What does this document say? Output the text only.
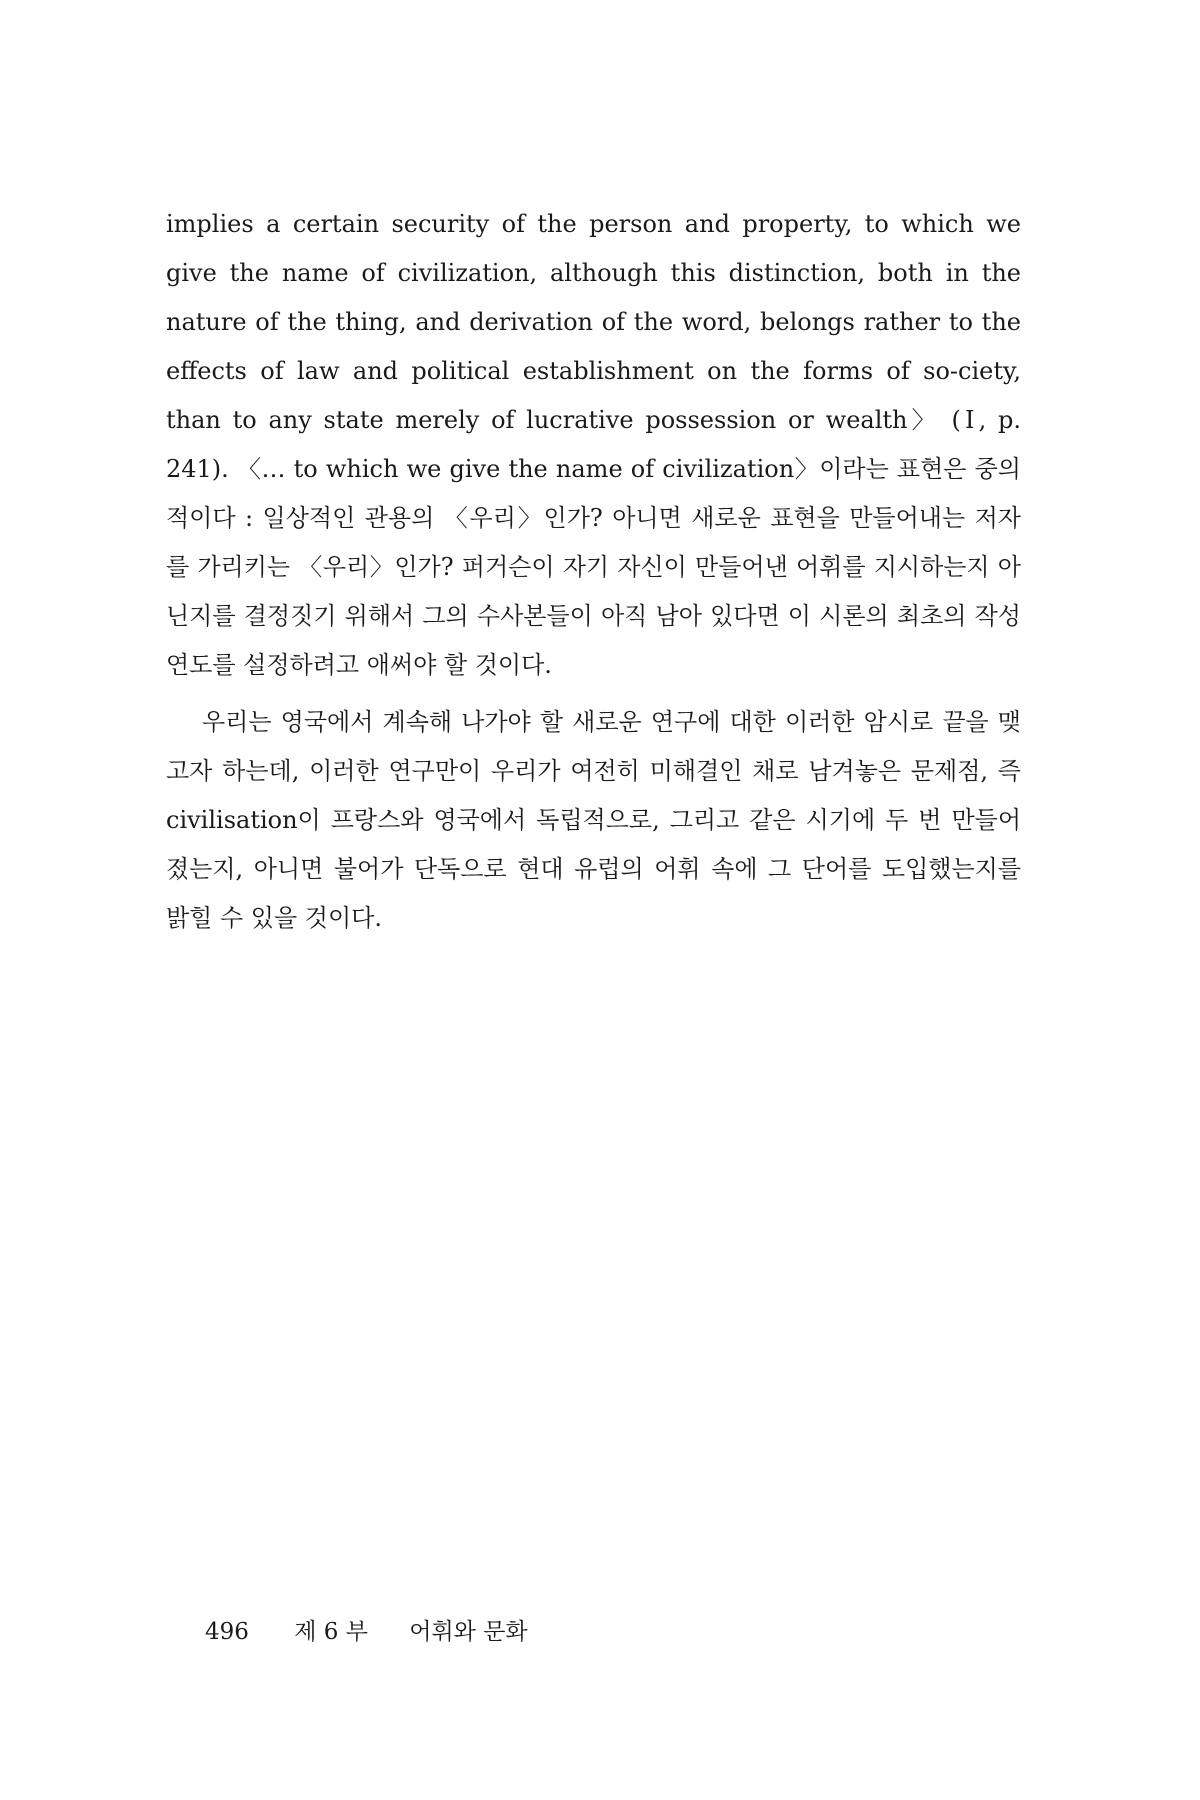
implies a certain security of the person and property, to which we give the name of civilization, although this distinction, both in the nature of the thing, and derivation of the word, belongs rather to the effects of law and political establishment on the forms of so-ciety, than to any state merely of lucrative possession or wealth〉 (Ⅰ, p. 241). 〈… to which we give the name of civilization〉이라는 표현은 중의적이다 : 일상적인 관용의 〈우리〉인가? 아니면 새로운 표현을 만들어내는 저자를 가리키는 〈우리〉인가? 퍼거슨이 자기 자신이 만들어낸 어휘를 지시하는지 아닌지를 결정짓기 위해서 그의 수사본들이 아직 남아 있다면 이 시론의 최초의 작성 연도를 설정하려고 애써야 할 것이다.

우리는 영국에서 계속해 나가야 할 새로운 연구에 대한 이러한 암시로 끝을 맺고자 하는데, 이러한 연구만이 우리가 여전히 미해결인 채로 남겨놓은 문제점, 즉 civilisation이 프랑스와 영국에서 독립적으로, 그리고 같은 시기에 두 번 만들어졌는지, 아니면 불어가 단독으로 현대 유럽의 어휘 속에 그 단어를 도입했는지를 밝힐 수 있을 것이다.

496 제 6 부 어휘와 문화
